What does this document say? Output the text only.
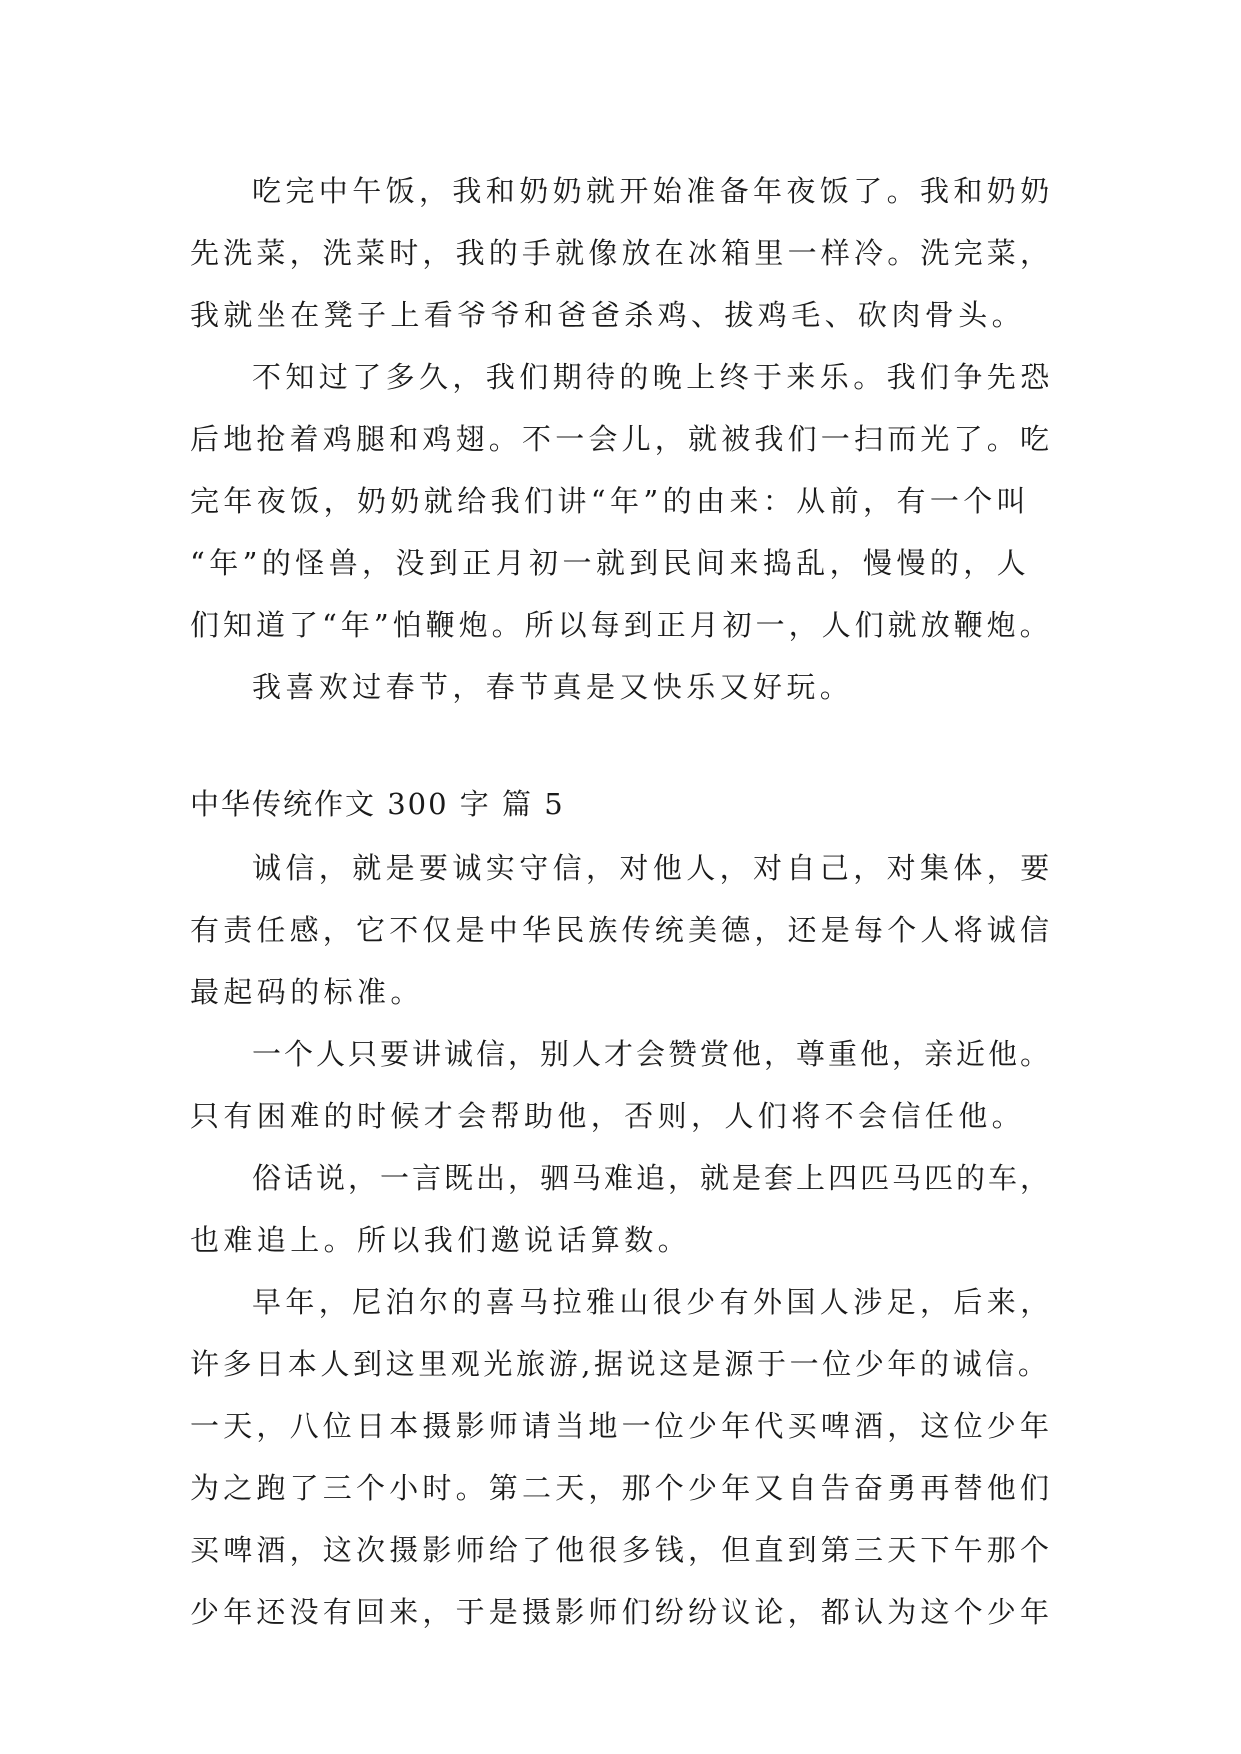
吃完中午饭，我和奶奶就开始准备年夜饭了。我和奶奶
先洗菜，洗菜时，我的手就像放在冰箱里一样冷。洗完菜，
我就坐在凳子上看爷爷和爸爸杀鸡、拔鸡毛、砍肉骨头。
不知过了多久，我们期待的晚上终于来乐。我们争先恐
后地抢着鸡腿和鸡翅。不一会儿，就被我们一扫而光了。吃
完年夜饭，奶奶就给我们讲“年”的由来：从前，有一个叫
“年”的怪兽，没到正月初一就到民间来捣乱，慢慢的，人
们知道了“年”怕鞭炮。所以每到正月初一，人们就放鞭炮。
我喜欢过春节，春节真是又快乐又好玩。
中华传统作文 300 字 篇 5
诚信，就是要诚实守信，对他人，对自己，对集体，要
有责任感，它不仅是中华民族传统美德，还是每个人将诚信
最起码的标准。
一个人只要讲诚信，别人才会赞赏他，尊重他，亲近他。
只有困难的时候才会帮助他，否则，人们将不会信任他。
俗话说，一言既出，驷马难追，就是套上四匹马匹的车，
也难追上。所以我们邀说话算数。
早年，尼泊尔的喜马拉雅山很少有外国人涉足，后来，
许多日本人到这里观光旅游,据说这是源于一位少年的诚信。
一天，八位日本摄影师请当地一位少年代买啤酒，这位少年
为之跑了三个小时。第二天，那个少年又自告奋勇再替他们
买啤酒，这次摄影师给了他很多钱，但直到第三天下午那个
少年还没有回来，于是摄影师们纷纷议论，都认为这个少年
